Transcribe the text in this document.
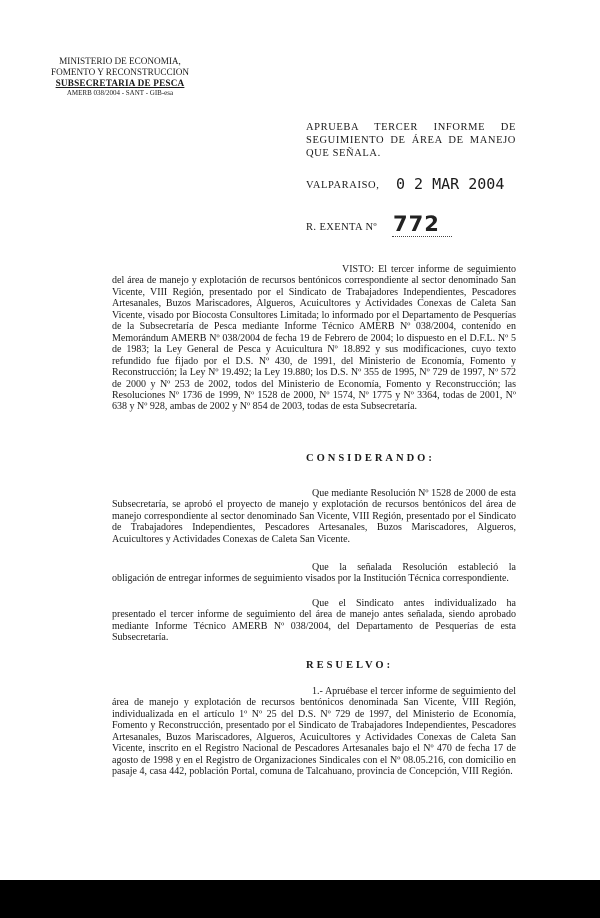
MINISTERIO DE ECONOMIA,
FOMENTO Y RECONSTRUCCION
SUBSECRETARIA DE PESCA
AMERB 038/2004 - SANT - GIB-esa
APRUEBA TERCER INFORME DE SEGUIMIENTO DE ÁREA DE MANEJO QUE SEÑALA.
VALPARAISO, 0 2 MAR 2004
R. EXENTA Nº 772
VISTO: El tercer informe de seguimiento del área de manejo y explotación de recursos bentónicos correspondiente al sector denominado San Vicente, VIII Región, presentado por el Sindicato de Trabajadores Independientes, Pescadores Artesanales, Buzos Mariscadores, Algueros, Acuicultores y Actividades Conexas de Caleta San Vicente, visado por Biocosta Consultores Limitada; lo informado por el Departamento de Pesquerías de la Subsecretaría de Pesca mediante Informe Técnico AMERB Nº 038/2004, contenido en Memorándum AMERB Nº 038/2004 de fecha 19 de Febrero de 2004; lo dispuesto en el D.F.L. Nº 5 de 1983; la Ley General de Pesca y Acuicultura Nº 18.892 y sus modificaciones, cuyo texto refundido fue fijado por el D.S. Nº 430, de 1991, del Ministerio de Economía, Fomento y Reconstrucción; la Ley Nº 19.492; la Ley 19.880; los D.S. Nº 355 de 1995, Nº 729 de 1997, Nº 572 de 2000 y Nº 253 de 2002, todos del Ministerio de Economía, Fomento y Reconstrucción; las Resoluciones Nº 1736 de 1999, Nº 1528 de 2000, Nº 1574, Nº 1775 y Nº 3364, todas de 2001, Nº 638 y Nº 928, ambas de 2002 y Nº 854 de 2003, todas de esta Subsecretaría.
CONSIDERANDO:
Que mediante Resolución Nº 1528 de 2000 de esta Subsecretaría, se aprobó el proyecto de manejo y explotación de recursos bentónicos del área de manejo correspondiente al sector denominado San Vicente, VIII Región, presentado por el Sindicato de Trabajadores Independientes, Pescadores Artesanales, Buzos Mariscadores, Algueros, Acuicultores y Actividades Conexas de Caleta San Vicente.
Que la señalada Resolución estableció la obligación de entregar informes de seguimiento visados por la Institución Técnica correspondiente.
Que el Sindicato antes individualizado ha presentado el tercer informe de seguimiento del área de manejo antes señalada, siendo aprobado mediante Informe Técnico AMERB Nº 038/2004, del Departamento de Pesquerías de esta Subsecretaría.
RESUELVO:
1.- Apruébase el tercer informe de seguimiento del área de manejo y explotación de recursos bentónicos denominada San Vicente, VIII Región, individualizada en el artículo 1º Nº 25 del D.S. Nº 729 de 1997, del Ministerio de Economía, Fomento y Reconstrucción, presentado por el Sindicato de Trabajadores Independientes, Pescadores Artesanales, Buzos Mariscadores, Algueros, Acuicultores y Actividades Conexas de Caleta San Vicente, inscrito en el Registro Nacional de Pescadores Artesanales bajo el Nº 470 de fecha 17 de agosto de 1998 y en el Registro de Organizaciones Sindicales con el Nº 08.05.216, con domicilio en pasaje 4, casa 442, población Portal, comuna de Talcahuano, provincia de Concepción, VIII Región.
